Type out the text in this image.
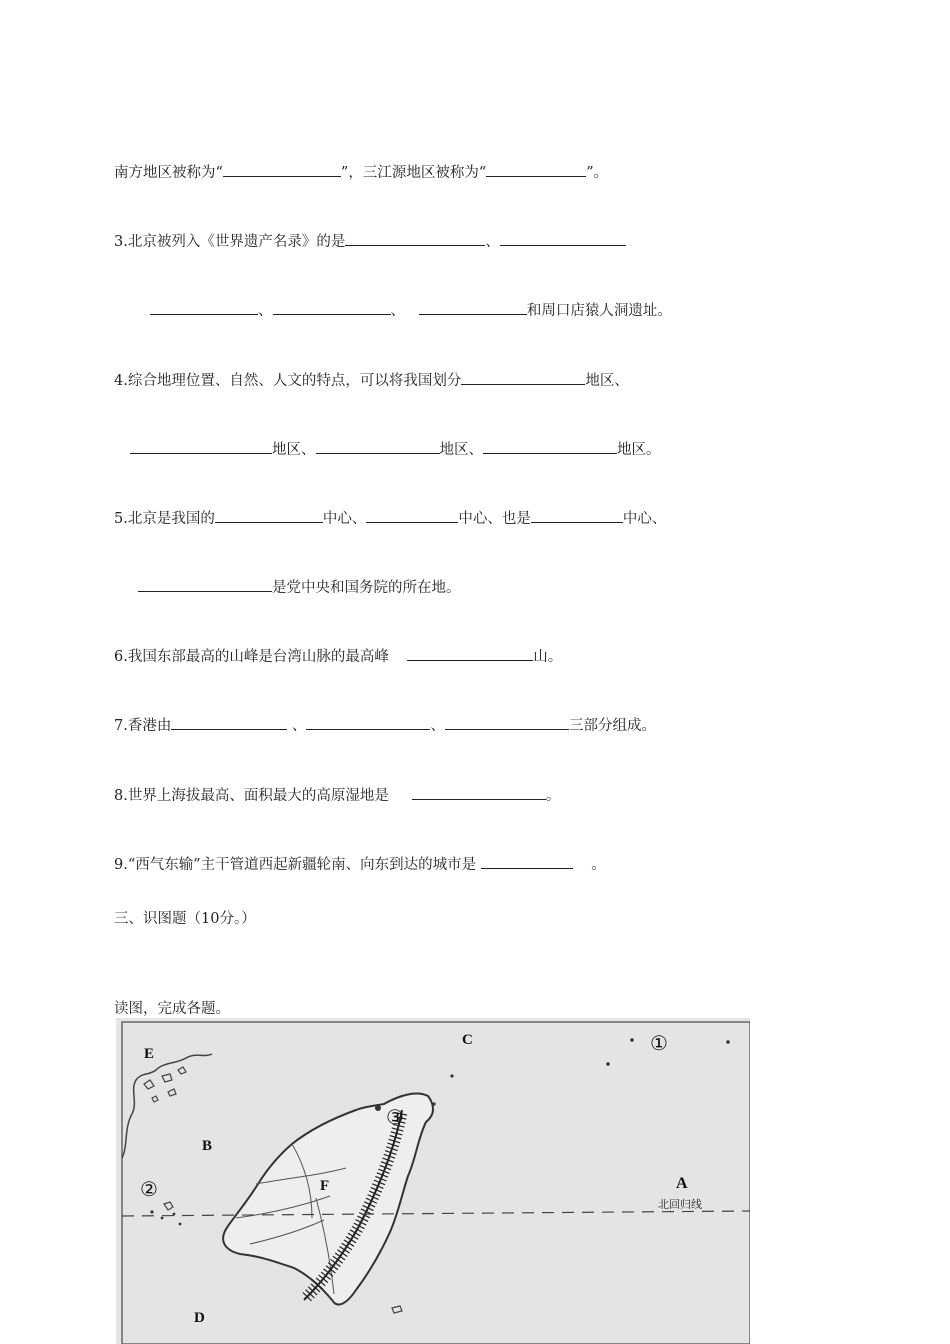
南方地区被称为“	”，三江源地区被称为“	”。
3.北京被列入《世界遗产名录》的是	、
、	、	和周口店猿人洞遗址。
4.综合地理位置、自然、人文的特点，可以将我国划分	地区、
地区、	地区、	地区。
5.北京是我国的	中心、	中心、也是	中心、
是党中央和国务院的所在地。
6.我国东部最高的山峰是台湾山脉的最高峰	山。
7.香港由	、	、	三部分组成。
8.世界上海拔最高、面积最大的高原湿地是	。
9.“西气东输”主干管道西起新疆轮南、向东到达的城市是	。
三、识图题（10分。）
读图，完成各题。
北回归线
E
C
B
A
F
D
①
②
③
